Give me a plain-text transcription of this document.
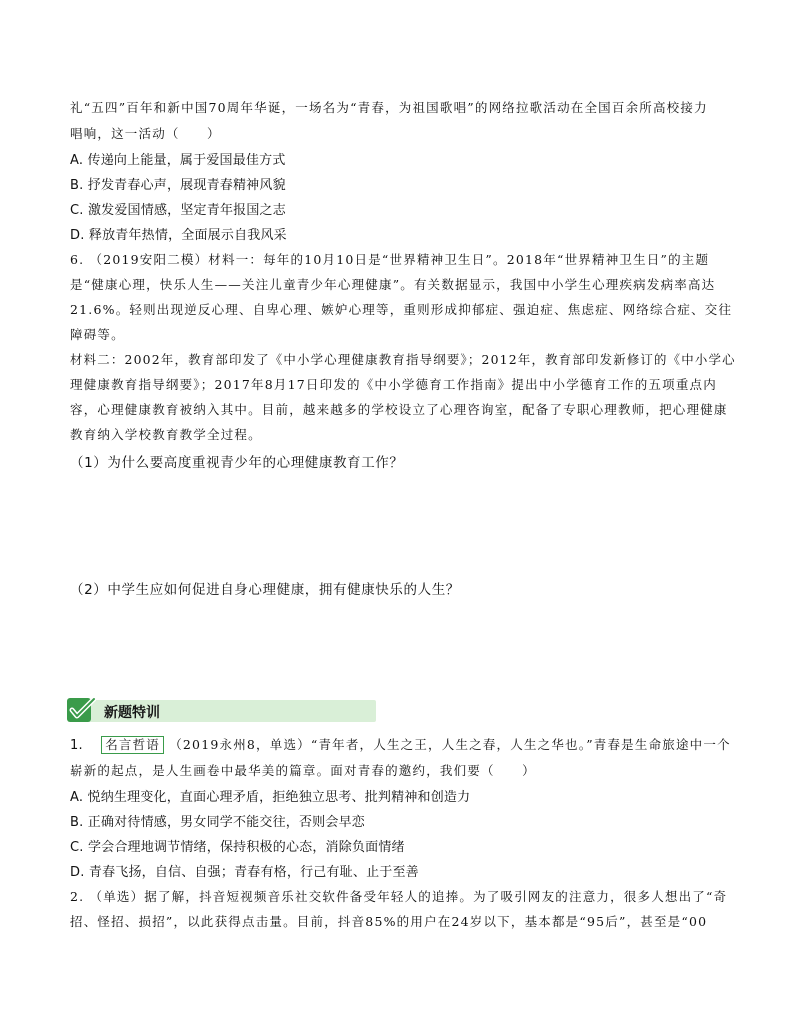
礼“五四”百年和新中国70周年华诞，一场名为“青春，为祖国歌唱”的网络拉歌活动在全国百余所高校接力
唱响，这一活动（　　）
A. 传递向上能量，属于爱国最佳方式
B. 抒发青春心声，展现青春精神风貌
C. 激发爱国情感，坚定青年报国之志
D. 释放青年热情，全面展示自我风采
6. （2019安阳二模）材料一：每年的10月10日是“世界精神卫生日”。2018年“世界精神卫生日”的主题
是“健康心理，快乐人生——关注儿童青少年心理健康”。有关数据显示，我国中小学生心理疾病发病率高达
21.6%。轻则出现逆反心理、自卑心理、嫉妒心理等，重则形成抑郁症、强迫症、焦虑症、网络综合症、交往
障碍等。
材料二：2002年，教育部印发了《中小学心理健康教育指导纲要》；2012年，教育部印发新修订的《中小学心
理健康教育指导纲要》；2017年8月17日印发的《中小学德育工作指南》提出中小学德育工作的五项重点内
容，心理健康教育被纳入其中。目前，越来越多的学校设立了心理咨询室，配备了专职心理教师，把心理健康
教育纳入学校教育教学全过程。
（1）为什么要高度重视青少年的心理健康教育工作？
（2）中学生应如何促进自身心理健康，拥有健康快乐的人生？
新题特训
1. 名言哲语 （2019永州8，单选）“青年者，人生之王，人生之春，人生之华也。”青春是生命旅途中一个
崭新的起点，是人生画卷中最华美的篇章。面对青春的邀约，我们要（　　）
A. 悦纳生理变化，直面心理矛盾，拒绝独立思考、批判精神和创造力
B. 正确对待情感，男女同学不能交往，否则会早恋
C. 学会合理地调节情绪，保持积极的心态，消除负面情绪
D. 青春飞扬，自信、自强；青春有格，行己有耻、止于至善
2. （单选）据了解，抖音短视频音乐社交软件备受年轻人的追捧。为了吸引网友的注意力，很多人想出了“奇
招、怪招、损招”，以此获得点击量。目前，抖音85%的用户在24岁以下，基本都是“95后”，甚至是“00
